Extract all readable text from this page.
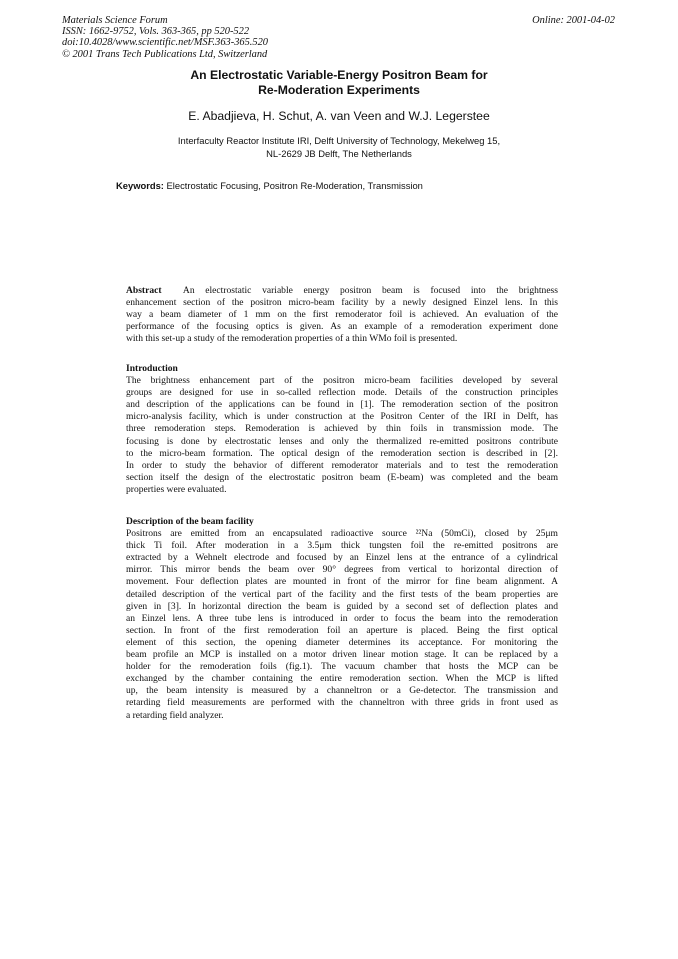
Materials Science Forum
ISSN: 1662-9752, Vols. 363-365, pp 520-522
doi:10.4028/www.scientific.net/MSF.363-365.520
© 2001 Trans Tech Publications Ltd, Switzerland
Online: 2001-04-02
An Electrostatic Variable-Energy Positron Beam for
Re-Moderation Experiments
E. Abadjieva, H. Schut, A. van Veen and W.J. Legerstee
Interfaculty Reactor Institute IRI, Delft University of Technology, Mekelweg 15,
NL-2629 JB Delft, The Netherlands
Keywords: Electrostatic Focusing, Positron Re-Moderation, Transmission
Abstract An electrostatic variable energy positron beam is focused into the brightness
enhancement section of the positron micro-beam facility by a newly designed Einzel lens. In this
way a beam diameter of 1 mm on the first remoderator foil is achieved. An evaluation of the
performance of the focusing optics is given. As an example of a remoderation experiment done
with this set-up a study of the remoderation properties of a thin WMo foil is presented.
Introduction
The brightness enhancement part of the positron micro-beam facilities developed by several
groups are designed for use in so-called reflection mode. Details of the construction principles
and description of the applications can be found in [1]. The remoderation section of the positron
micro-analysis facility, which is under construction at the Positron Center of the IRI in Delft, has
three remoderation steps. Remoderation is achieved by thin foils in transmission mode. The
focusing is done by electrostatic lenses and only the thermalized re-emitted positrons contribute
to the micro-beam formation. The optical design of the remoderation section is described in [2].
In order to study the behavior of different remoderator materials and to test the remoderation
section itself the design of the electrostatic positron beam (E-beam) was completed and the beam
properties were evaluated.
Description of the beam facility
Positrons are emitted from an encapsulated radioactive source ²²Na (50mCi), closed by 25μm
thick Ti foil. After moderation in a 3.5μm thick tungsten foil the re-emitted positrons are
extracted by a Wehnelt electrode and focused by an Einzel lens at the entrance of a cylindrical
mirror. This mirror bends the beam over 90° degrees from vertical to horizontal direction of
movement. Four deflection plates are mounted in front of the mirror for fine beam alignment. A
detailed description of the vertical part of the facility and the first tests of the beam properties are
given in [3]. In horizontal direction the beam is guided by a second set of deflection plates and
an Einzel lens. A three tube lens is introduced in order to focus the beam into the remoderation
section. In front of the first remoderation foil an aperture is placed. Being the first optical
element of this section, the opening diameter determines its acceptance. For monitoring the
beam profile an MCP is installed on a motor driven linear motion stage. It can be replaced by a
holder for the remoderation foils (fig.1). The vacuum chamber that hosts the MCP can be
exchanged by the chamber containing the entire remoderation section. When the MCP is lifted
up, the beam intensity is measured by a channeltron or a Ge-detector. The transmission and
retarding field measurements are performed with the channeltron with three grids in front used as
a retarding field analyzer.
